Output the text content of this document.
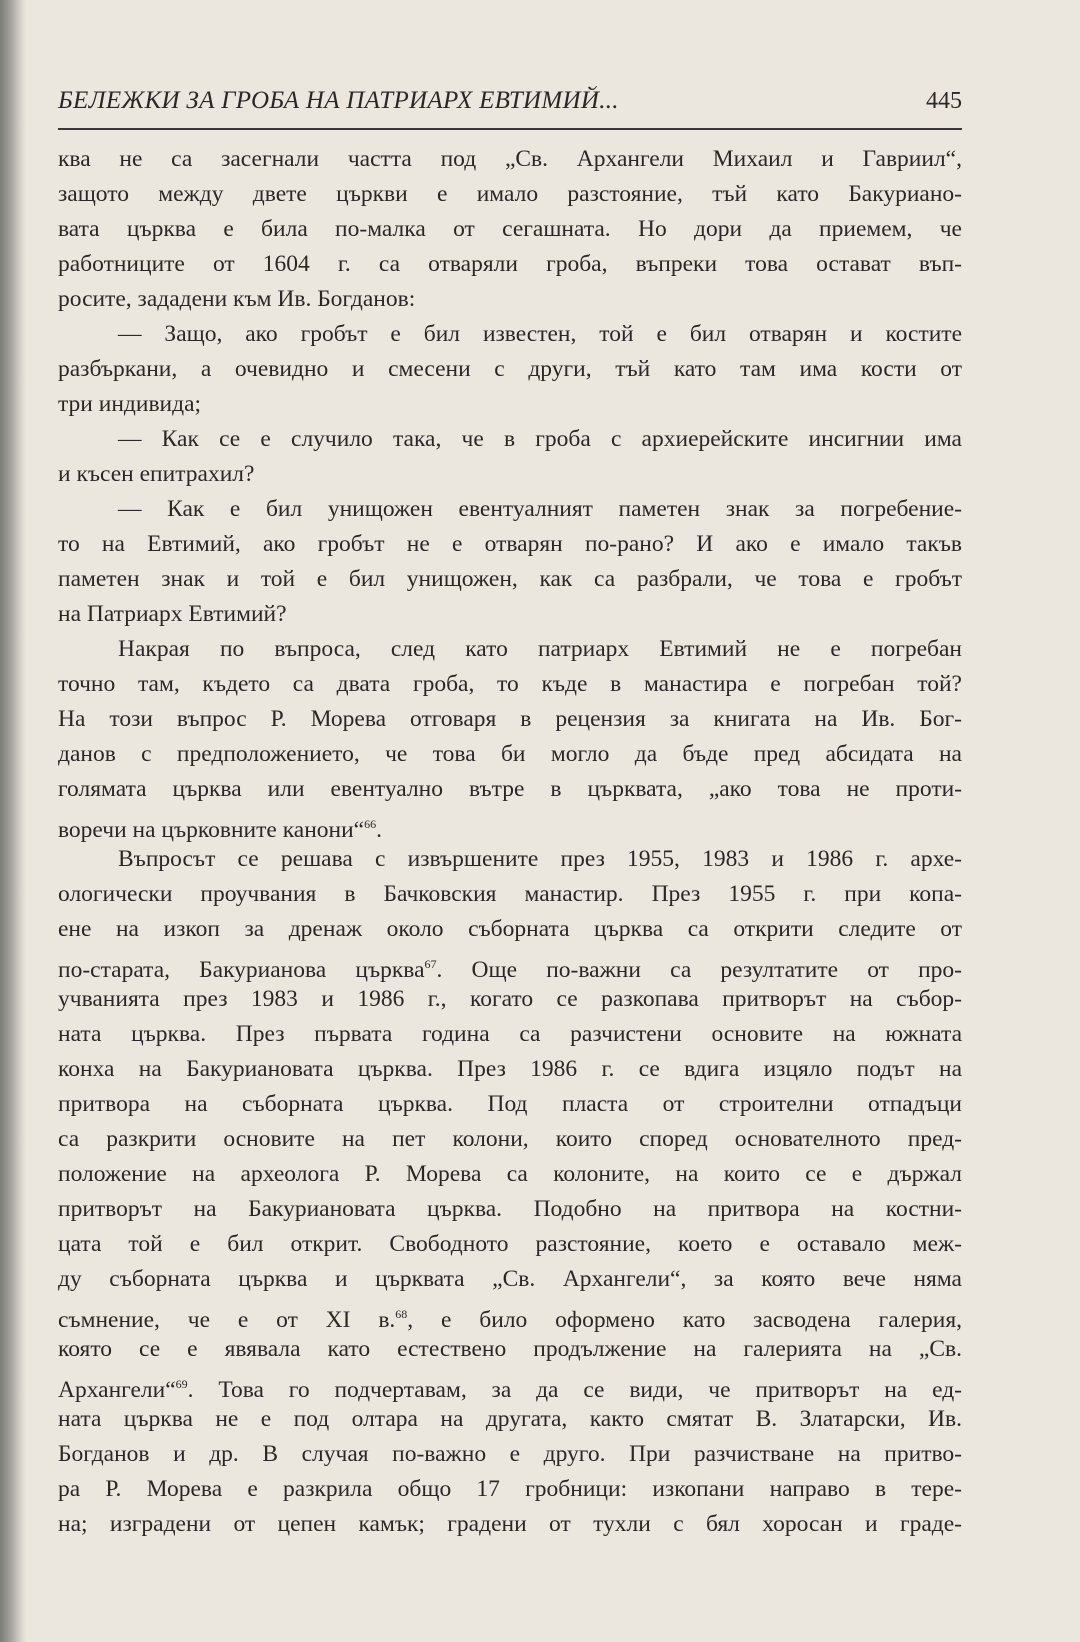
БЕЛЕЖКИ ЗА ГРОБА НА ПАТРИАРХ ЕВТИМИЙ...	445
ква не са засегнали частта под „Св. Архангели Михаил и Гавриил“,
защото между двете църкви е имало разстояние, тъй като Бакуриано-
вата църква е била по-малка от сегашната. Но дори да приемем, че
работниците от 1604 г. са отваряли гроба, въпреки това остават въп-
росите, зададени към Ив. Богданов:
— Защо, ако гробът е бил известен, той е бил отварян и костите
разбъркани, а очевидно и смесени с други, тъй като там има кости от
три индивида;
— Как се е случило така, че в гроба с архиерейските инсигнии има
и късен епитрахил?
— Как е бил унищожен евентуалният паметен знак за погребение-
то на Евтимий, ако гробът не е отварян по-рано? И ако е имало такъв
паметен знак и той е бил унищожен, как са разбрали, че това е гробът
на Патриарх Евтимий?
Накрая по въпроса, след като патриарх Евтимий не е погребан
точно там, където са двата гроба, то къде в манастира е погребан той?
На този въпрос Р. Морева отговаря в рецензия за книгата на Ив. Бог-
данов с предположението, че това би могло да бъде пред абсидата на
голямата църква или евентуално вътре в църквата, „ако това не проти-
воречи на църковните канони“$^{66}$.
Въпросът се решава с извършените през 1955, 1983 и 1986 г. архе-
ологически проучвания в Бачковския манастир. През 1955 г. при копа-
ене на изкоп за дренаж около съборната църква са открити следите от
по-старата, Бакурианова църква$^{67}$. Още по-важни са резултатите от про-
учванията през 1983 и 1986 г., когато се разкопава притворът на събор-
ната църква. През първата година са разчистени основите на южната
конха на Бакуриановата църква. През 1986 г. се вдига изцяло подът на
притвора на съборната църква. Под пласта от строителни отпадъци
са разкрити основите на пет колони, които според основателното пред-
положение на археолога Р. Морева са колоните, на които се е държал
притворът на Бакуриановата църква. Подобно на притвора на костни-
цата той е бил открит. Свободното разстояние, което е оставало меж-
ду съборната църква и църквата „Св. Архангели“, за която вече няма
съмнение, че е от XI в.$^{68}$, е било оформено като засводена галерия,
която се е явявала като естествено продължение на галерията на „Св.
Архангели“$^{69}$. Това го подчертавам, за да се види, че притворът на ед-
ната църква не е под олтара на другата, както смятат В. Златарски, Ив.
Богданов и др. В случая по-важно е друго. При разчистване на притво-
ра Р. Морева е разкрила общо 17 гробници: изкопани направо в тере-
на; изградени от цепен камък; градени от тухли с бял хоросан и граде-
